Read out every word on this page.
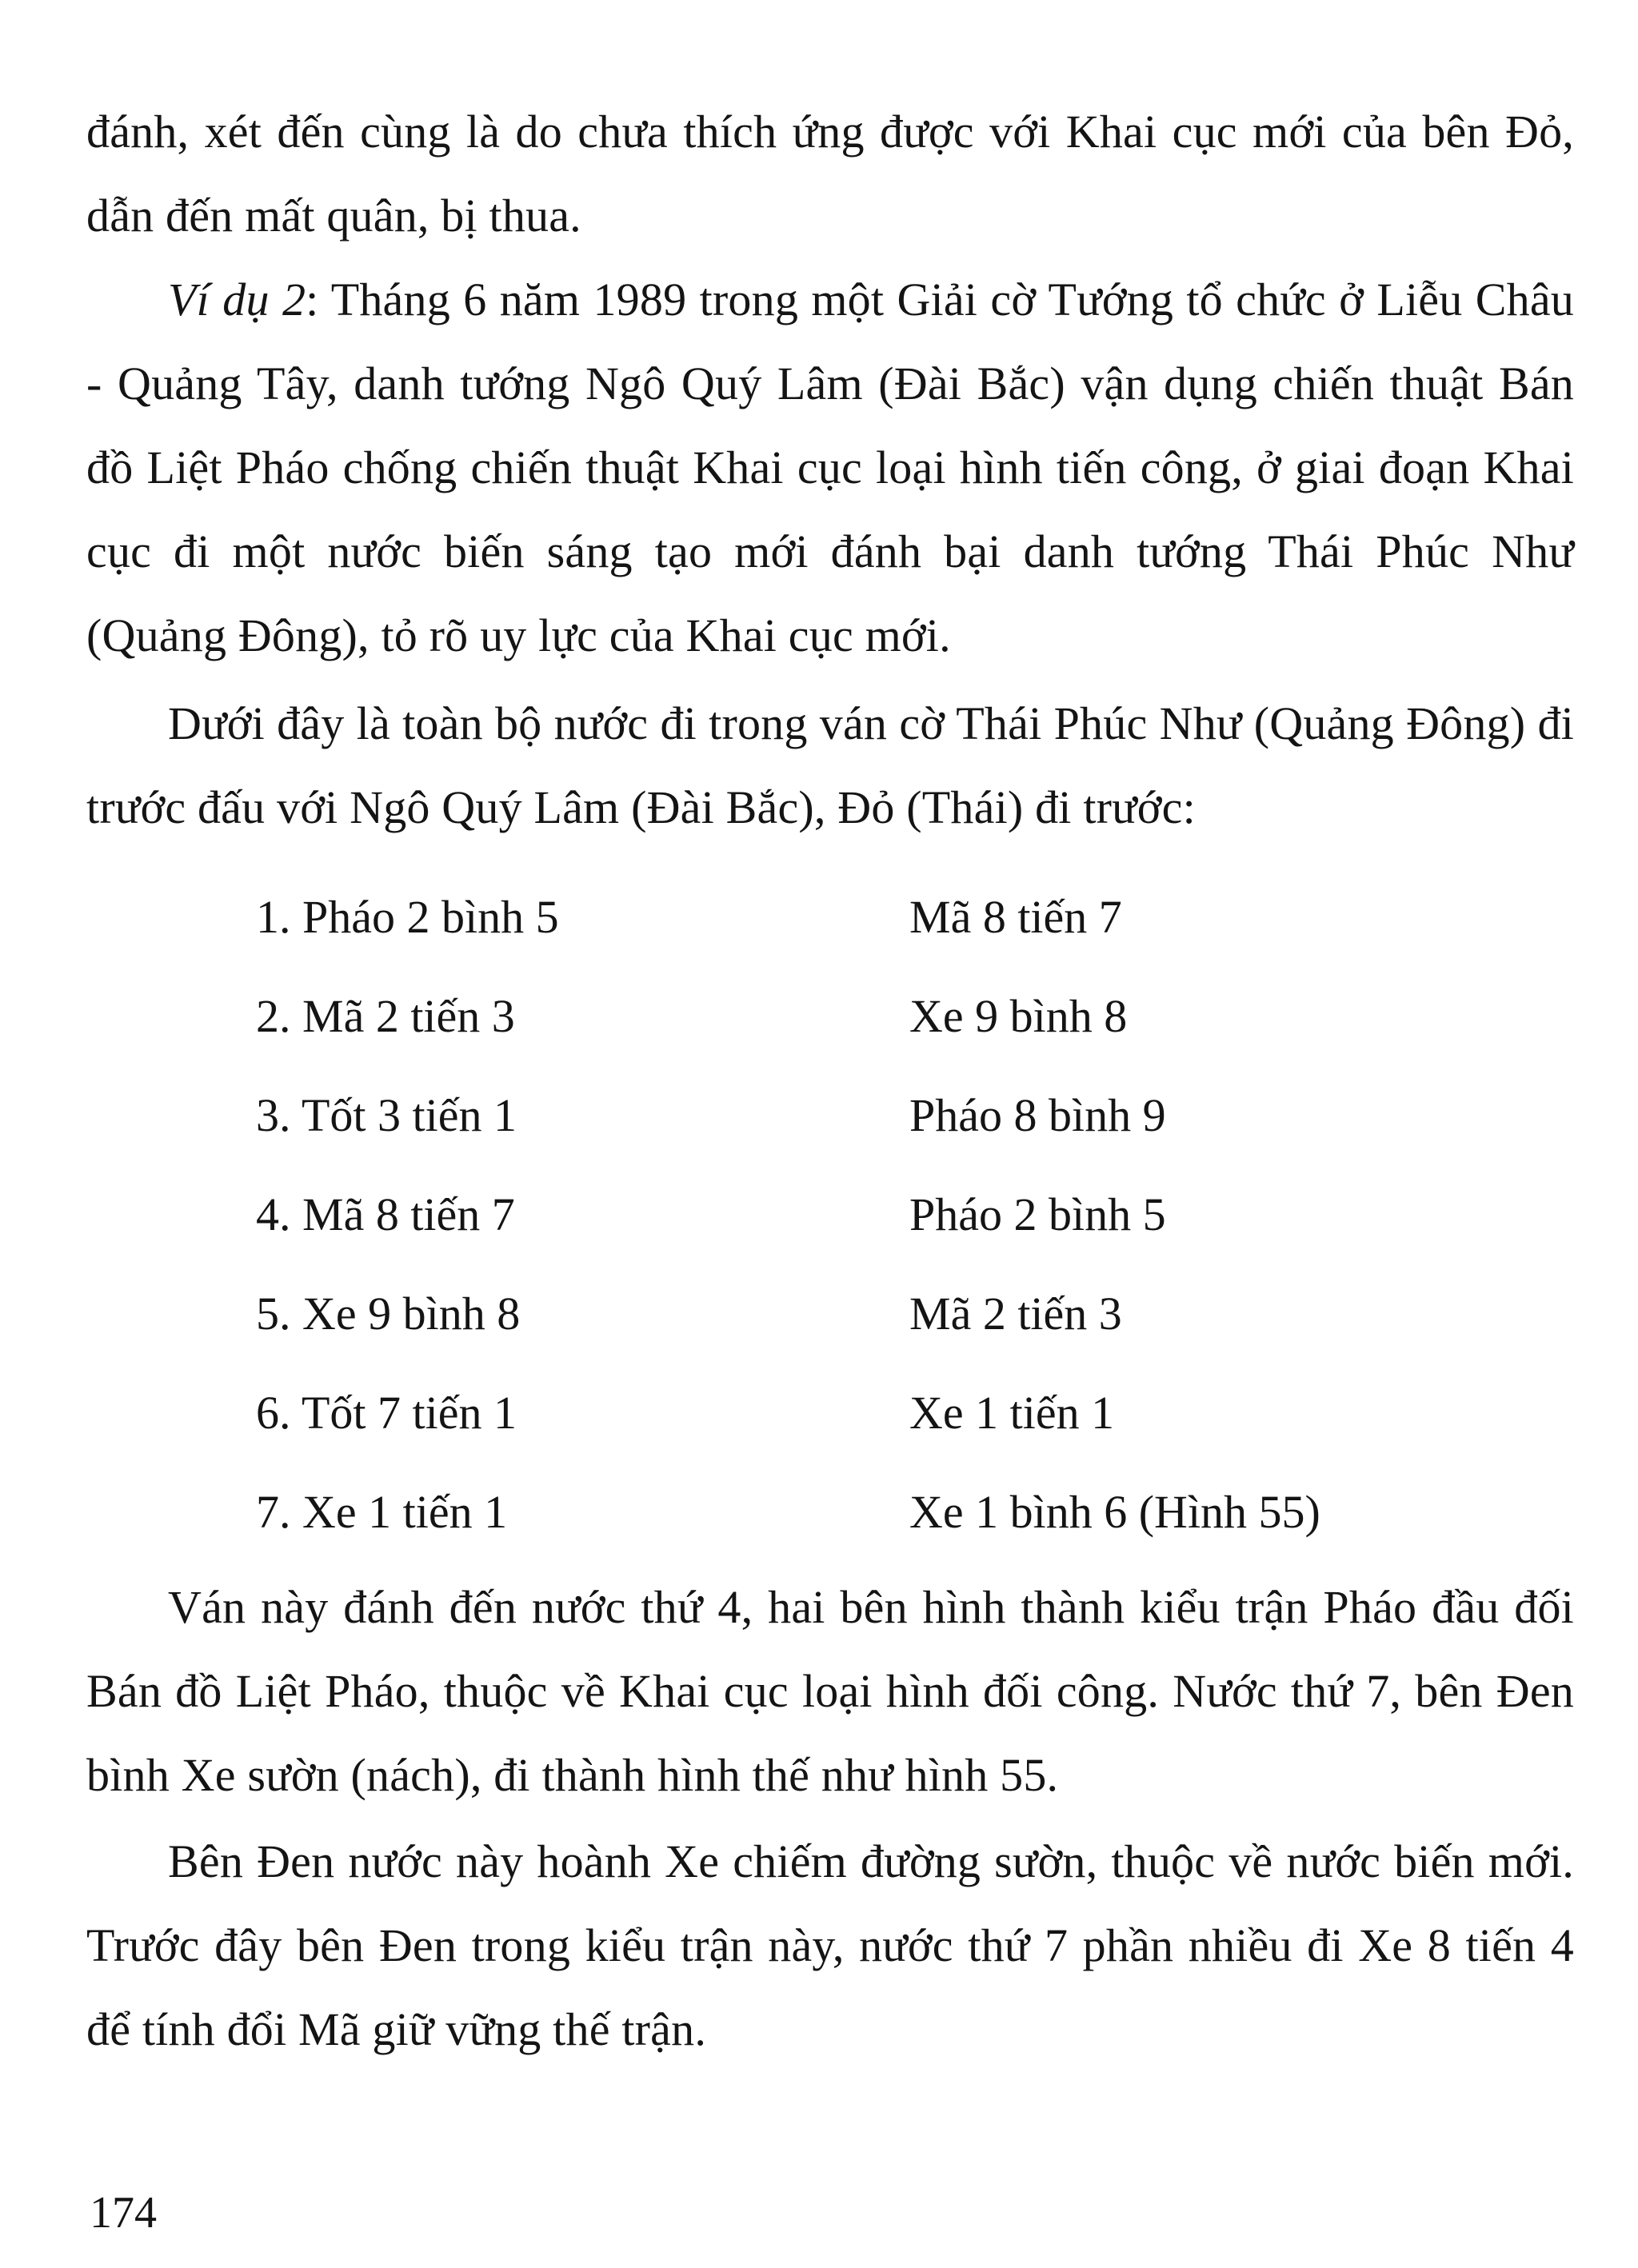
đánh, xét đến cùng là do chưa thích ứng được với Khai cục mới của bên Đỏ, dẫn đến mất quân, bị thua.

Ví dụ 2: Tháng 6 năm 1989 trong một Giải cờ Tướng tổ chức ở Liễu Châu - Quảng Tây, danh tướng Ngô Quý Lâm (Đài Bắc) vận dụng chiến thuật Bán đồ Liệt Pháo chống chiến thuật Khai cục loại hình tiến công, ở giai đoạn Khai cục đi một nước biến sáng tạo mới đánh bại danh tướng Thái Phúc Như (Quảng Đông), tỏ rõ uy lực của Khai cục mới.

Dưới đây là toàn bộ nước đi trong ván cờ Thái Phúc Như (Quảng Đông) đi trước đấu với Ngô Quý Lâm (Đài Bắc), Đỏ (Thái) đi trước:

1. Pháo 2 bình 5	Mã 8 tiến 7
2. Mã 2 tiến 3	Xe 9 bình 8
3. Tốt 3 tiến 1	Pháo 8 bình 9
4. Mã 8 tiến 7	Pháo 2 bình 5
5. Xe 9 bình 8	Mã 2 tiến 3
6. Tốt 7 tiến 1	Xe 1 tiến 1
7. Xe 1 tiến 1	Xe 1 bình 6 (Hình 55)

Ván này đánh đến nước thứ 4, hai bên hình thành kiểu trận Pháo đầu đối Bán đồ Liệt Pháo, thuộc về Khai cục loại hình đối công. Nước thứ 7, bên Đen bình Xe sườn (nách), đi thành hình thế như hình 55.

Bên Đen nước này hoành Xe chiếm đường sườn, thuộc về nước biến mới. Trước đây bên Đen trong kiểu trận này, nước thứ 7 phần nhiều đi Xe 8 tiến 4 để tính đổi Mã giữ vững thế trận.

174
